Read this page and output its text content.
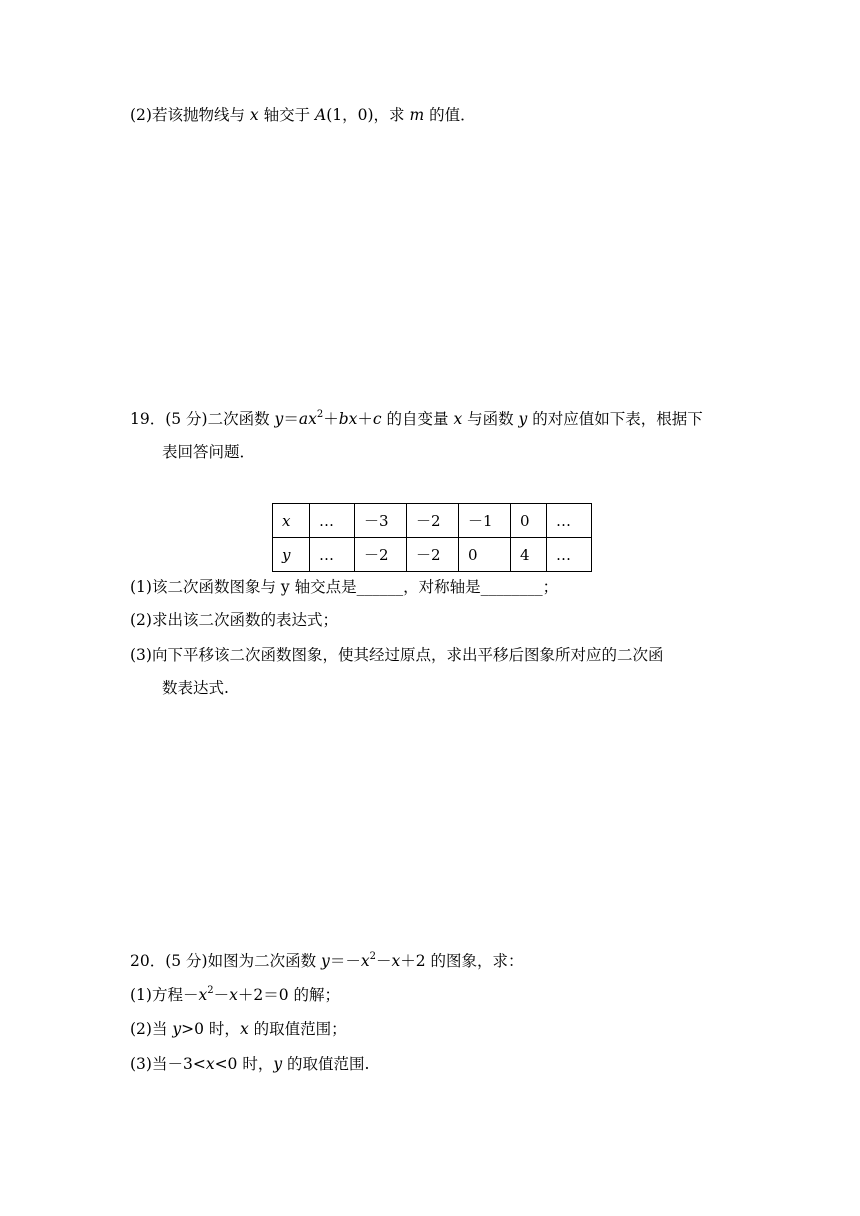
(2)若该抛物线与 x 轴交于 A(1，0)，求 m 的值．
19．(5 分)二次函数 $y=ax^2+bx+c$ 的自变量 x 与函数 y 的对应值如下表，根据下
表回答问题．
x	…	－3	－2	－1	0	…
y	…	－2	－2	0	4	…
(1)该二次函数图象与 y 轴交点是______，对称轴是________；
(2)求出该二次函数的表达式；
(3)向下平移该二次函数图象，使其经过原点，求出平移后图象所对应的二次函
数表达式.
20．(5 分)如图为二次函数 $y=-x^2-x+2$ 的图象，求：
(1)方程$-x^2-x+2=0$ 的解；
(2)当 y>0 时，x 的取值范围；
(3)当－3<x<0 时，y 的取值范围.
